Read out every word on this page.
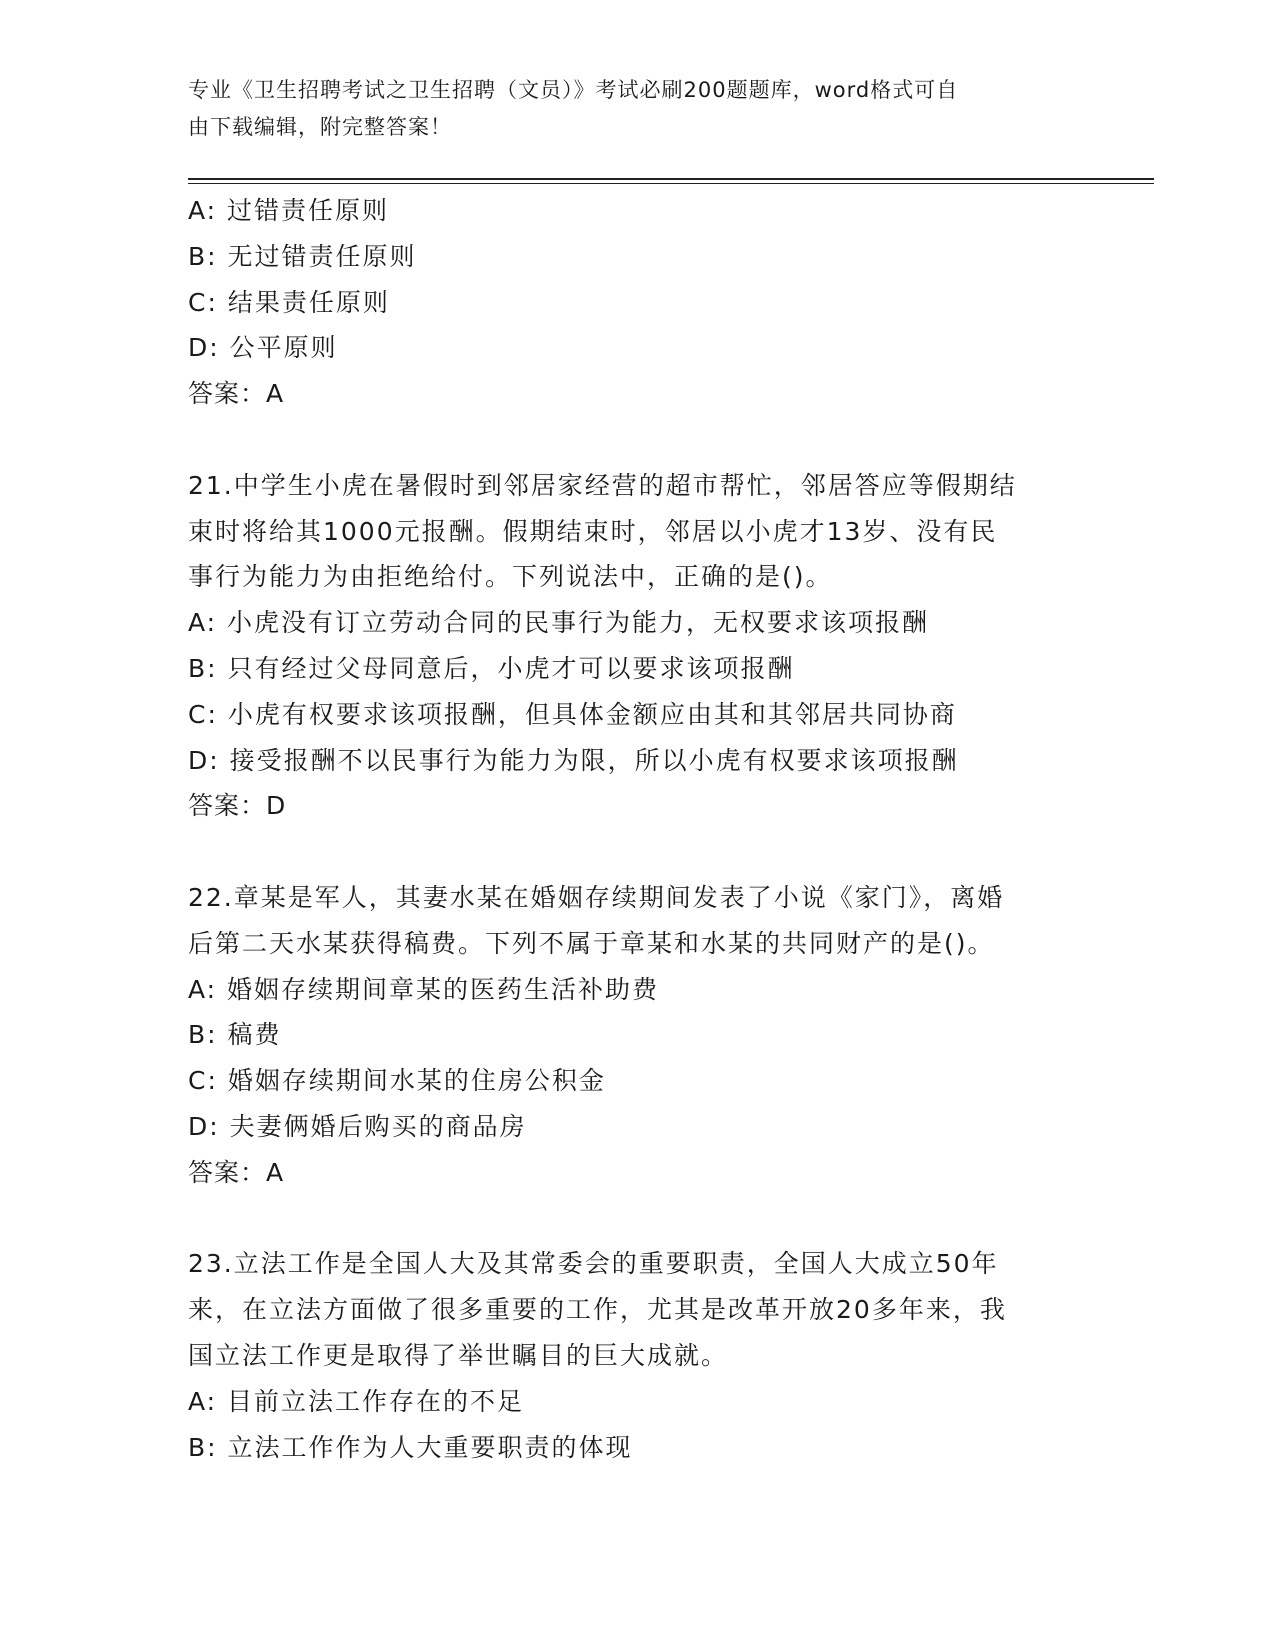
专业《卫生招聘考试之卫生招聘（文员）》考试必刷200题题库，word格式可自
由下载编辑，附完整答案！
A: 过错责任原则
B: 无过错责任原则
C: 结果责任原则
D: 公平原则
答案：A
21.中学生小虎在暑假时到邻居家经营的超市帮忙，邻居答应等假期结
束时将给其1000元报酬。假期结束时，邻居以小虎才13岁、没有民
事行为能力为由拒绝给付。下列说法中，正确的是()。
A: 小虎没有订立劳动合同的民事行为能力，无权要求该项报酬
B: 只有经过父母同意后，小虎才可以要求该项报酬
C: 小虎有权要求该项报酬，但具体金额应由其和其邻居共同协商
D: 接受报酬不以民事行为能力为限，所以小虎有权要求该项报酬
答案：D
22.章某是军人，其妻水某在婚姻存续期间发表了小说《家门》，离婚
后第二天水某获得稿费。下列不属于章某和水某的共同财产的是()。
A: 婚姻存续期间章某的医药生活补助费
B: 稿费
C: 婚姻存续期间水某的住房公积金
D: 夫妻俩婚后购买的商品房
答案：A
23.立法工作是全国人大及其常委会的重要职责，全国人大成立50年
来，在立法方面做了很多重要的工作，尤其是改革开放20多年来，我
国立法工作更是取得了举世瞩目的巨大成就。
A: 目前立法工作存在的不足
B: 立法工作作为人大重要职责的体现
